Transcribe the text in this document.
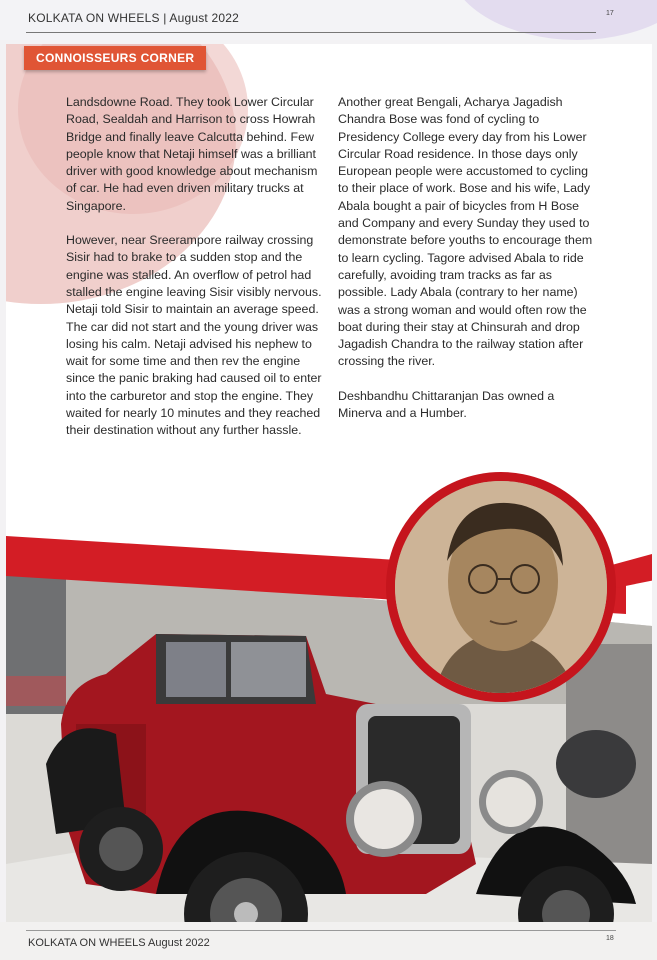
KOLKATA ON WHEELS | August 2022	17
CONNOISSEURS CORNER

Landsdowne Road. They took Lower Circular Road, Sealdah and Harrison to cross Howrah Bridge and finally leave Calcutta behind. Few people know that Netaji himself was a brilliant driver with good knowledge about mechanism of car. He had even driven military trucks at Singapore.

However, near Sreerampore railway crossing Sisir had to brake to a sudden stop and the engine was stalled. An overflow of petrol had stalled the engine leaving Sisir visibly nervous. Netaji told Sisir to maintain an average speed. The car did not start and the young driver was losing his calm. Netaji advised his nephew to wait for some time and then rev the engine since the panic braking had caused oil to enter into the carburetor and stop the engine. They waited for nearly 10 minutes and they reached their destination without any further hassle.

Another great Bengali, Acharya Jagadish Chandra Bose was fond of cycling to Presidency College every day from his Lower Circular Road residence. In those days only European people were accustomed to cycling to their place of work. Bose and his wife, Lady Abala bought a pair of bicycles from H Bose and Company and every Sunday they used to demonstrate before youths to encourage them to learn cycling. Tagore advised Abala to ride carefully, avoiding tram tracks as far as possible. Lady Abala (contrary to her name) was a strong woman and would often row the boat during their stay at Chinsurah and drop Jagadish Chandra to the railway station after crossing the river.

Deshbandhu Chittaranjan Das owned a Minerva and a Humber.

KOLKATA ON WHEELS August 2022	18
